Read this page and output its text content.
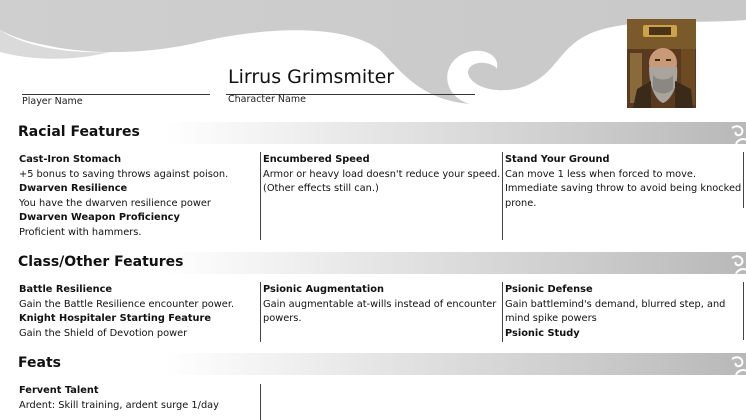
Player Name
Lirrus Grimsmiter
Character Name
Racial Features
Cast-Iron Stomach
+5 bonus to saving throws against poison.
Dwarven Resilience
You have the dwarven resilience power
Dwarven Weapon Proficiency
Proficient with hammers.
Encumbered Speed
Armor or heavy load doesn't reduce your speed.
(Other effects still can.)
Stand Your Ground
Can move 1 less when forced to move.
Immediate saving throw to avoid being knocked
prone.
Class/Other Features
Battle Resilience
Gain the Battle Resilience encounter power.
Knight Hospitaler Starting Feature
Gain the Shield of Devotion power
Psionic Augmentation
Gain augmentable at-wills instead of encounter
powers.
Psionic Defense
Gain battlemind's demand, blurred step, and
mind spike powers
Psionic Study
Feats
Fervent Talent
Ardent: Skill training, ardent surge 1/day
